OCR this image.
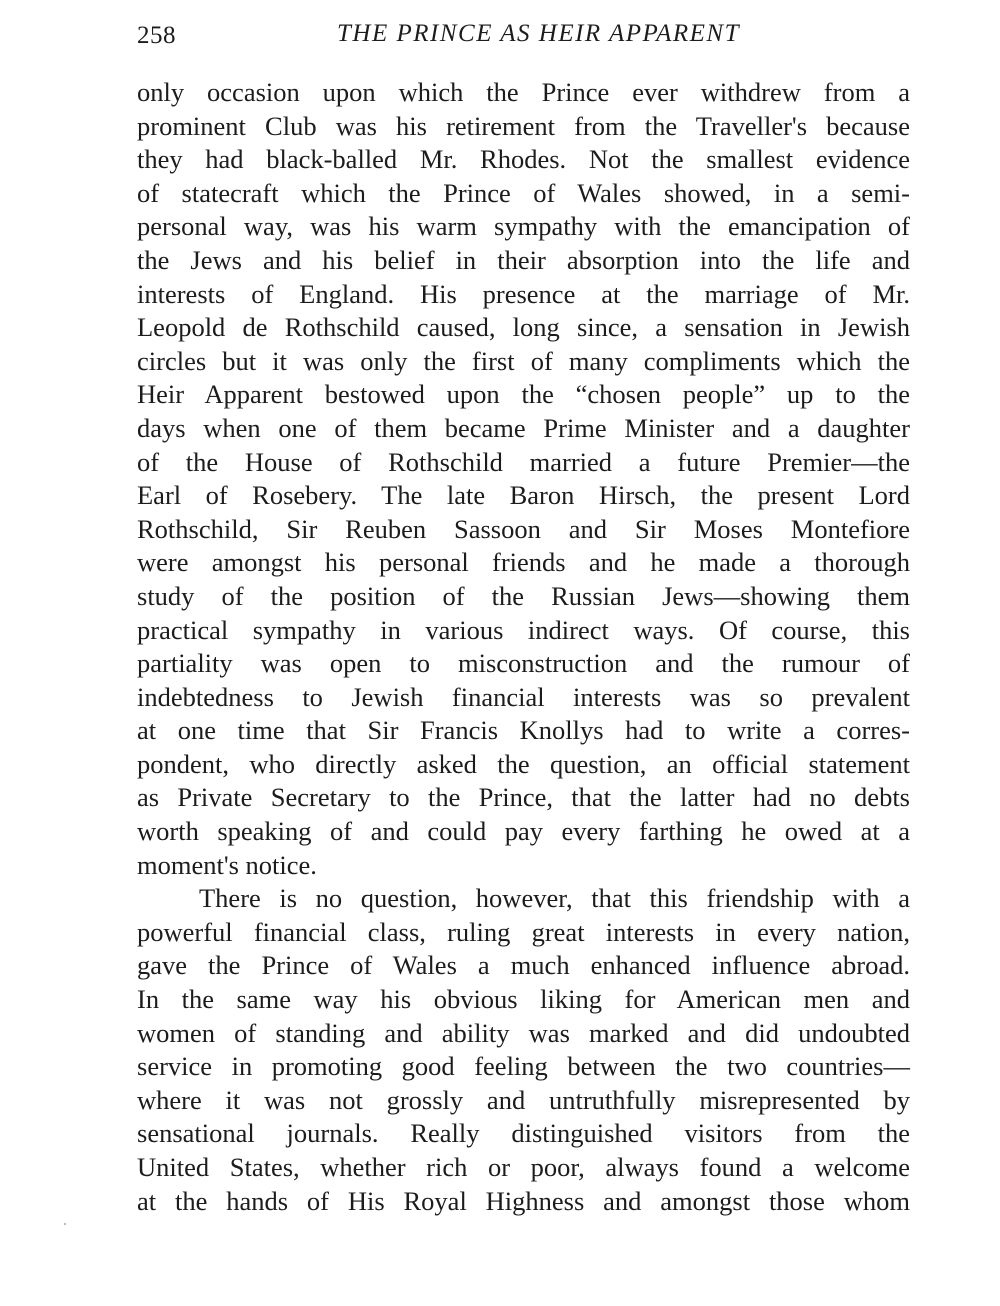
258	THE PRINCE AS HEIR APPARENT
only occasion upon which the Prince ever withdrew from a
prominent Club was his retirement from the Traveller's because
they had black-balled Mr. Rhodes. Not the smallest evidence
of statecraft which the Prince of Wales showed, in a semi-
personal way, was his warm sympathy with the emancipation of
the Jews and his belief in their absorption into the life and
interests of England. His presence at the marriage of Mr.
Leopold de Rothschild caused, long since, a sensation in Jewish
circles but it was only the first of many compliments which the
Heir Apparent bestowed upon the “chosen people” up to the
days when one of them became Prime Minister and a daughter
of the House of Rothschild married a future Premier—the
Earl of Rosebery. The late Baron Hirsch, the present Lord
Rothschild, Sir Reuben Sassoon and Sir Moses Montefiore
were amongst his personal friends and he made a thorough
study of the position of the Russian Jews—showing them
practical sympathy in various indirect ways. Of course, this
partiality was open to misconstruction and the rumour of
indebtedness to Jewish financial interests was so prevalent
at one time that Sir Francis Knollys had to write a corres-
pondent, who directly asked the question, an official statement
as Private Secretary to the Prince, that the latter had no debts
worth speaking of and could pay every farthing he owed at a
moment's notice.
There is no question, however, that this friendship with a
powerful financial class, ruling great interests in every nation,
gave the Prince of Wales a much enhanced influence abroad.
In the same way his obvious liking for American men and
women of standing and ability was marked and did undoubted
service in promoting good feeling between the two countries—
where it was not grossly and untruthfully misrepresented by
sensational journals. Really distinguished visitors from the
United States, whether rich or poor, always found a welcome
at the hands of His Royal Highness and amongst those whom
